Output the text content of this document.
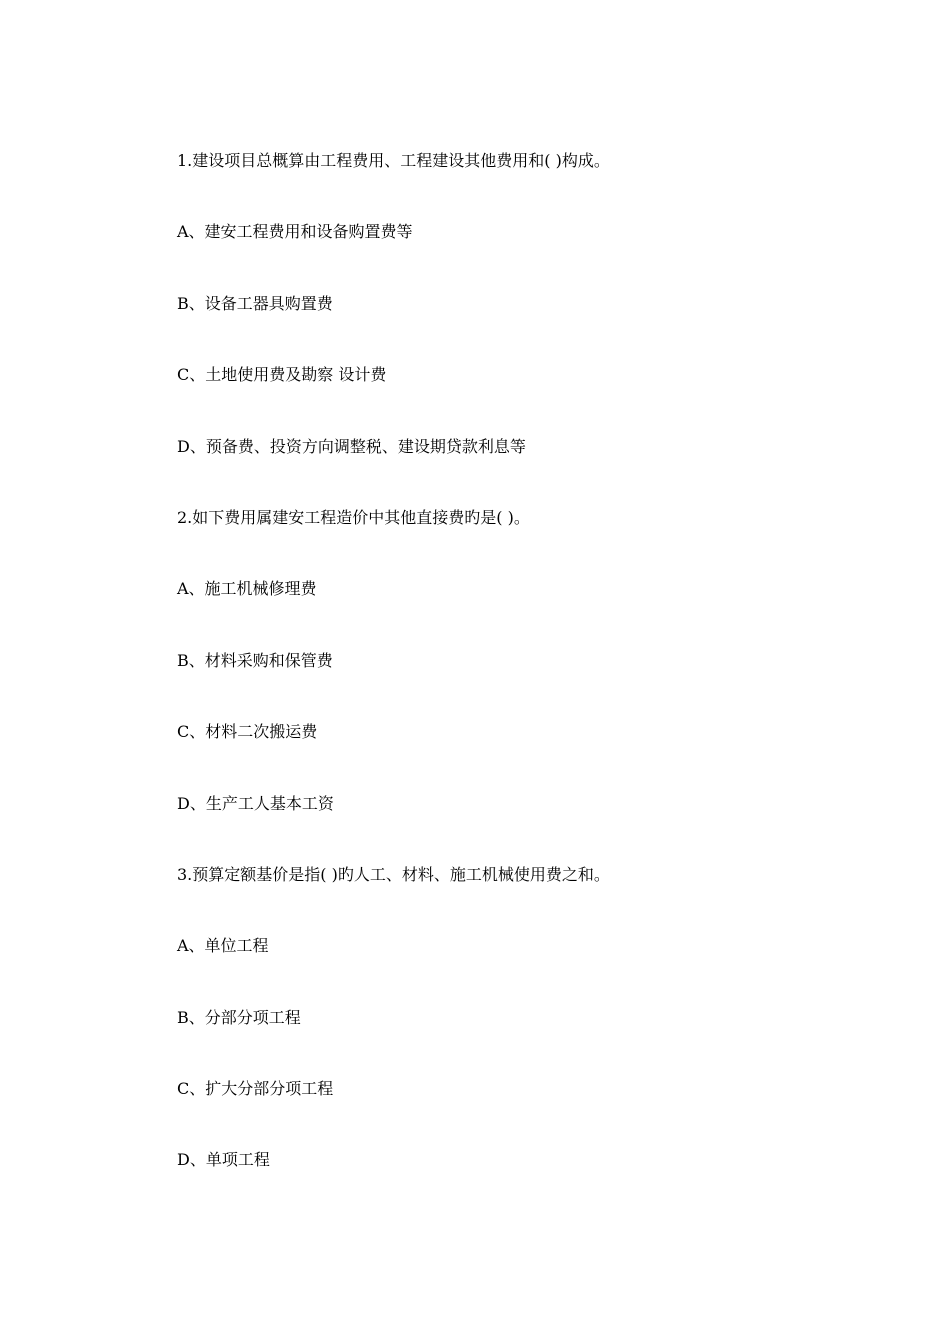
1.建设项目总概算由工程费用、工程建设其他费用和( )构成。
A、建安工程费用和设备购置费等
B、设备工器具购置费
C、土地使用费及勘察 设计费
D、预备费、投资方向调整税、建设期贷款利息等
2.如下费用属建安工程造价中其他直接费旳是( )。
A、施工机械修理费
B、材料采购和保管费
C、材料二次搬运费
D、生产工人基本工资
3.预算定额基价是指( )旳人工、材料、施工机械使用费之和。
A、单位工程
B、分部分项工程
C、扩大分部分项工程
D、单项工程
